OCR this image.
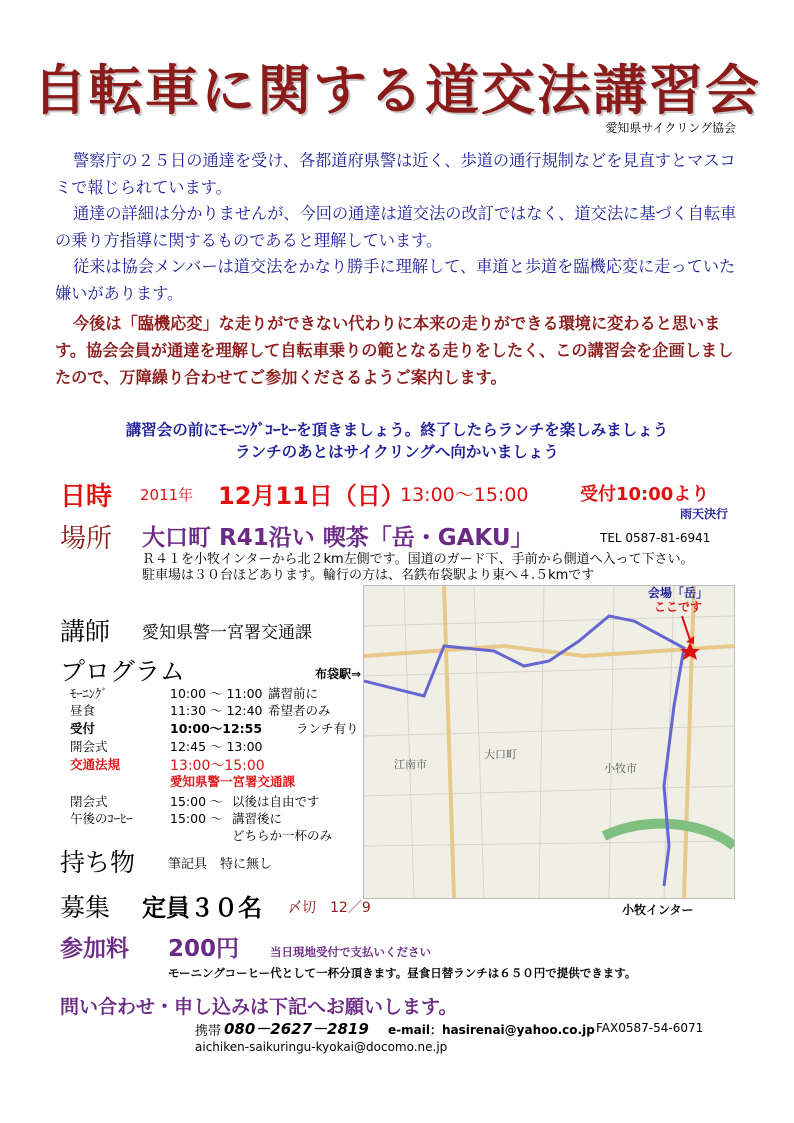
自転車に関する道交法講習会
愛知県サイクリング協会
警察庁の２５日の通達を受け、各都道府県警は近く、歩道の通行規制などを見直すとマスコミで報じられています。
通達の詳細は分かりませんが、今回の通達は道交法の改訂ではなく、道交法に基づく自転車の乗り方指導に関するものであると理解しています。
従来は協会メンバーは道交法をかなり勝手に理解して、車道と歩道を臨機応変に走っていた嫌いがあります。
今後は「臨機応変」な走りができない代わりに本来の走りができる環境に変わると思います。協会会員が通達を理解して自転車乗りの範となる走りをしたく、この講習会を企画しましたので、万障繰り合わせてご参加くださるようご案内します。
講習会の前にﾓｰﾆﾝｸﾞｺｰﾋｰを頂きましょう。終了したらランチを楽しみましょう
ランチのあとはサイクリングへ向かいましょう
日時 2011年 12月11日（日）
13:00～15:00	受付10:00より
雨天決行
場所 大口町 R41沿い 喫茶「岳・GAKU」	TEL 0587-81-6941
Ｒ４１を小牧インターから北２km左側です。国道のガード下、手前から側道へ入って下さい。
駐車場は３０台ほどあります。輪行の方は、名鉄布袋駅より東へ４.５kmです
講師 愛知県警一宮署交通課
プログラム
ﾓｰﾆﾝｸﾞ	10:00 ～ 11:00 講習前に
昼食	11:30 ～ 12:40 希望者のみ
受付	10:00～12:55	ランチ有り
開会式	12:45 ～ 13:00
交通法規	13:00～15:00
愛知県警一宮署交通課
閉会式	15:00 ～ 以後は自由です
午後のｺｰﾋｰ	15:00 ～ 講習後に
どちらか一杯のみ
持ち物	筆記具　特に無し
募集 定員３０名 〆切　12／9
参加料 200円	当日現地受付で支払いください
モーニングコーヒー代として一杯分頂きます。昼食日替ランチは６５０円で提供できます。
問い合わせ・申し込みは下記へお願いします。
携帯 080－2627－2819 e-mail：hasirenai@yahoo.co.jp FAX0587-54-6071
aichiken-saikuringu-kyokai@docomo.ne.jp
会場「岳」
ここです
大口町
江南市	小牧市
布袋駅⇒
小牧インター
